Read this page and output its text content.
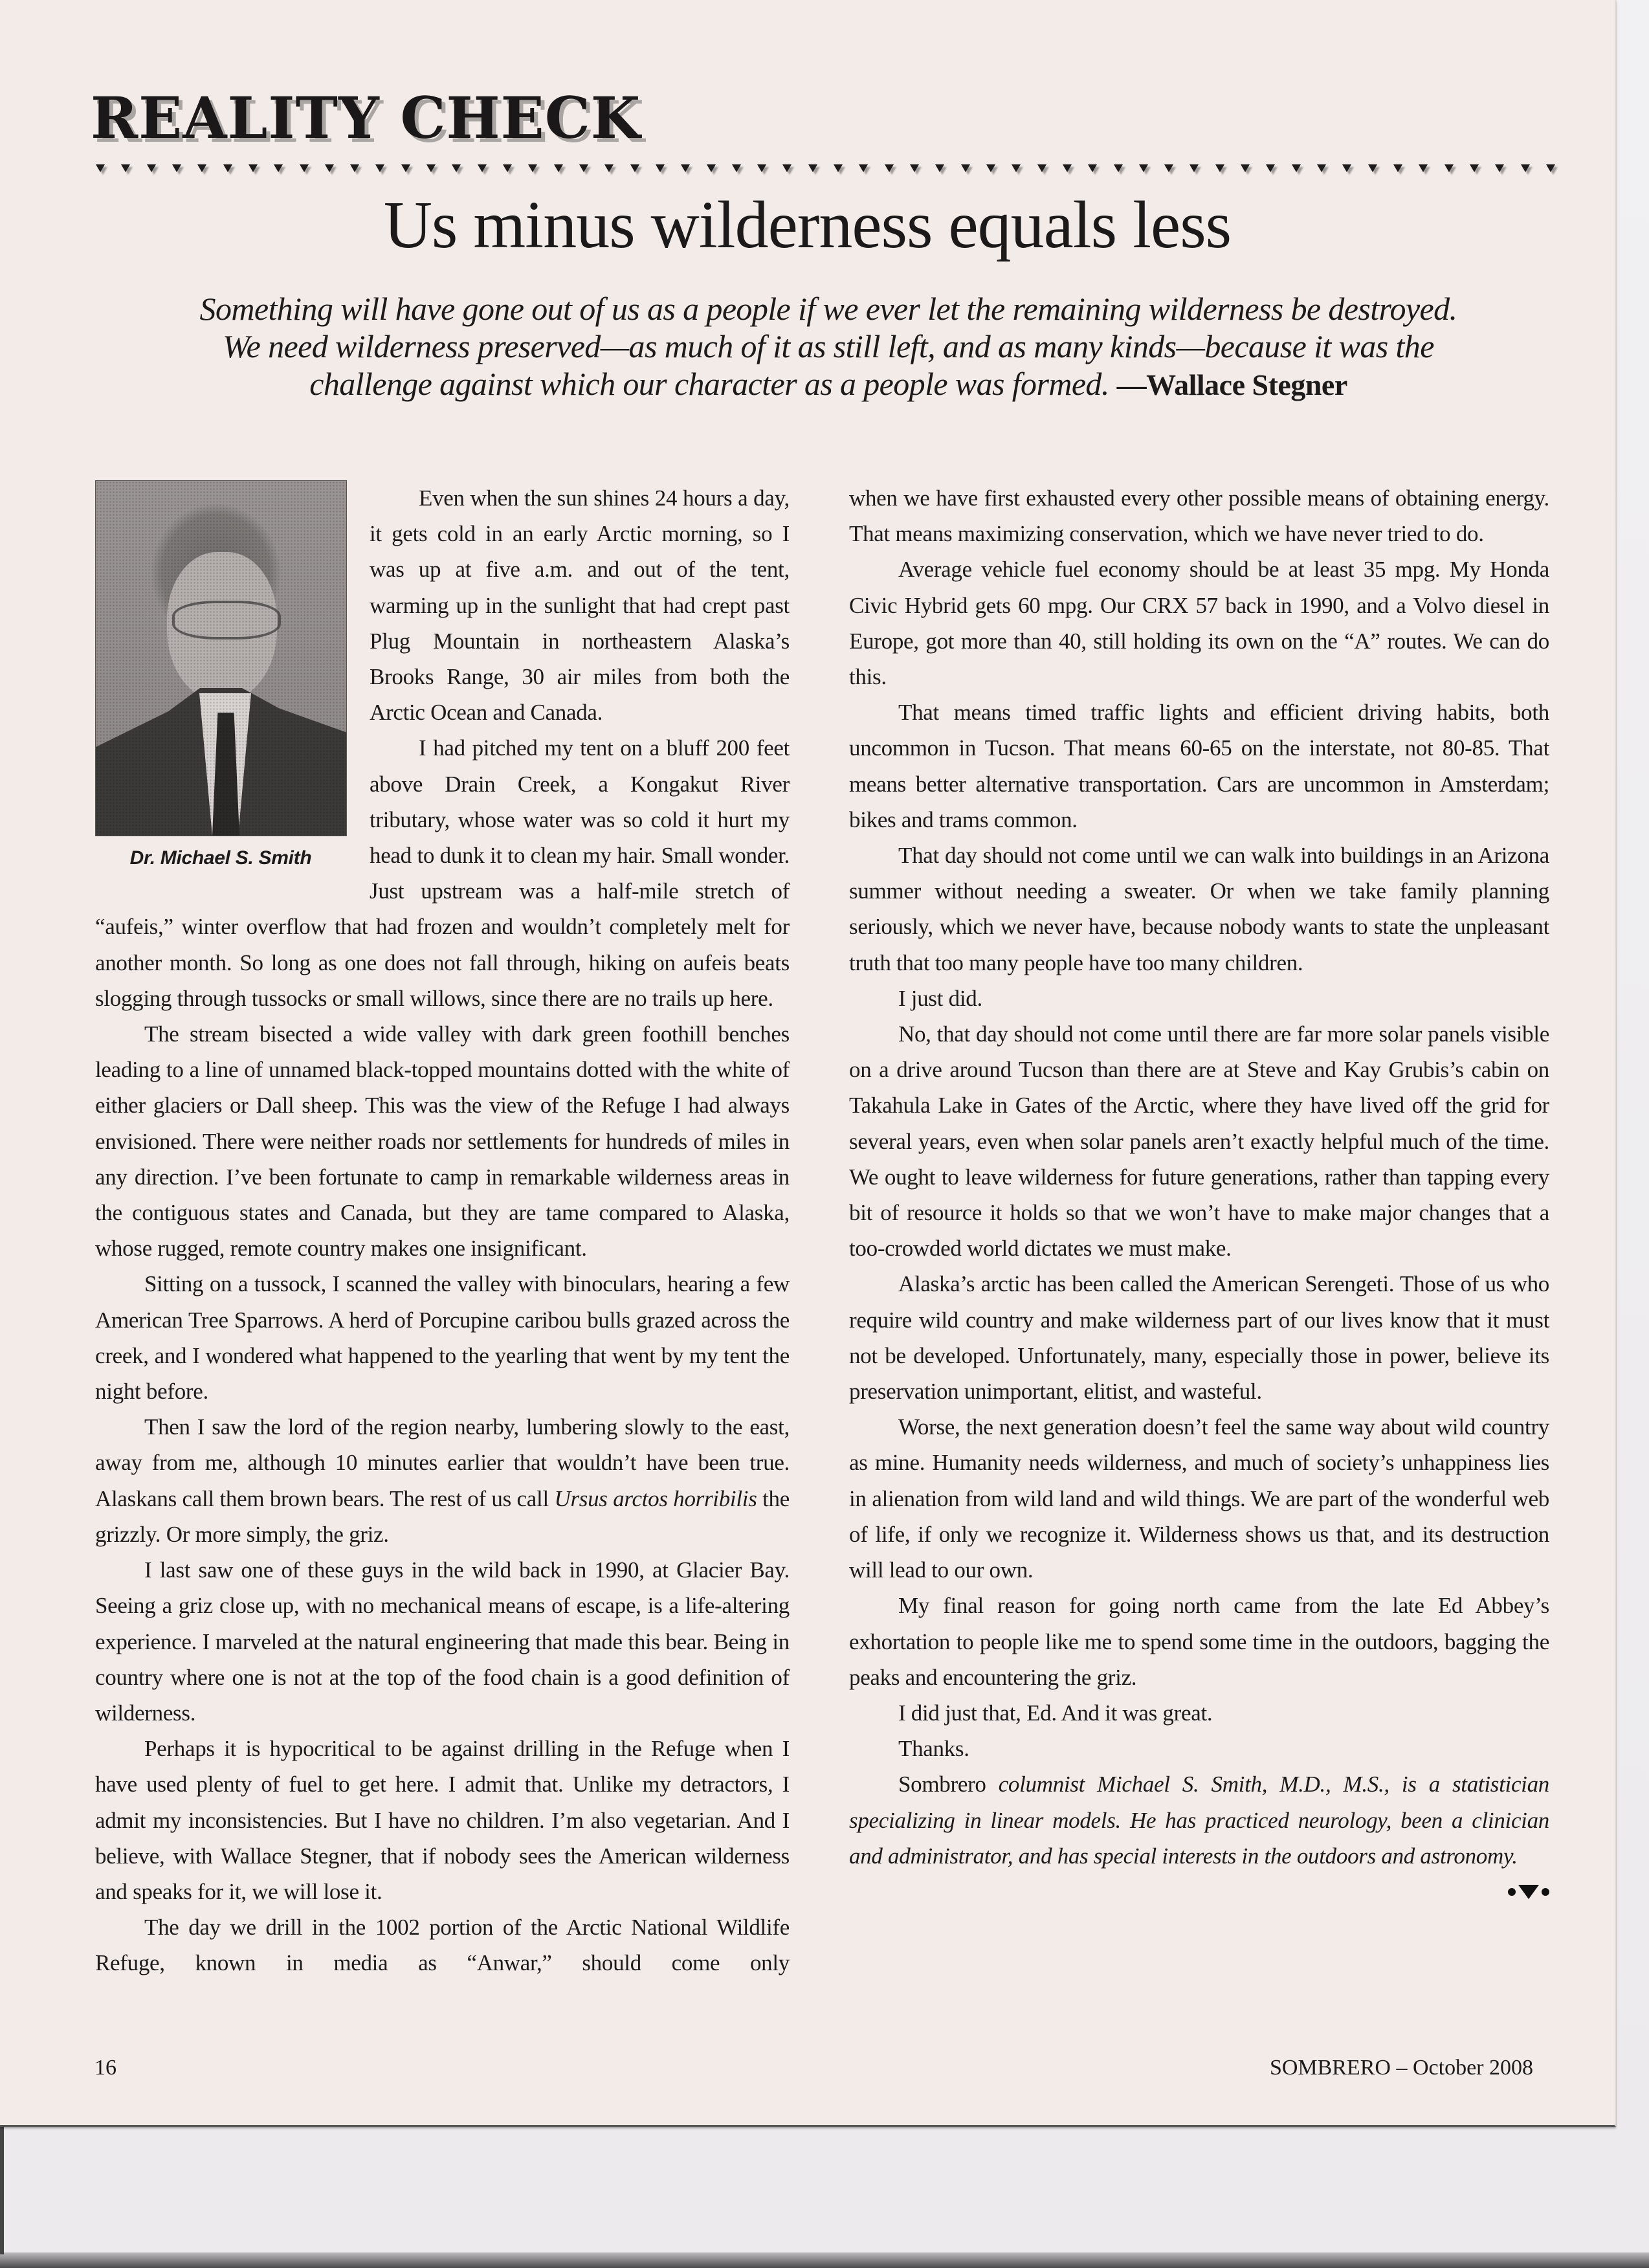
REALITY CHECK
Us minus wilderness equals less
Something will have gone out of us as a people if we ever let the remaining wilderness be destroyed.
We need wilderness preserved—as much of it as still left, and as many kinds—because it was the
challenge against which our character as a people was formed. —Wallace Stegner
Dr. Michael S. Smith

Even when the sun shines 24 hours a day, it gets cold in an early Arctic morning, so I was up at five a.m. and out of the tent, warming up in the sunlight that had crept past Plug Mountain in northeastern Alaska’s Brooks Range, 30 air miles from both the Arctic Ocean and Canada.

I had pitched my tent on a bluff 200 feet above Drain Creek, a Kongakut River tributary, whose water was so cold it hurt my head to dunk it to clean my hair. Small wonder. Just upstream was a half-mile stretch of “aufeis,” winter overflow that had frozen and wouldn’t completely melt for another month. So long as one does not fall through, hiking on aufeis beats slogging through tussocks or small willows, since there are no trails up here.

The stream bisected a wide valley with dark green foothill benches leading to a line of unnamed black-topped mountains dotted with the white of either glaciers or Dall sheep. This was the view of the Refuge I had always envisioned. There were neither roads nor settlements for hundreds of miles in any direction. I’ve been fortunate to camp in remarkable wilderness areas in the contiguous states and Canada, but they are tame compared to Alaska, whose rugged, remote country makes one insignificant.

Sitting on a tussock, I scanned the valley with binoculars, hearing a few American Tree Sparrows. A herd of Porcupine caribou bulls grazed across the creek, and I wondered what happened to the yearling that went by my tent the night before.

Then I saw the lord of the region nearby, lumbering slowly to the east, away from me, although 10 minutes earlier that wouldn’t have been true. Alaskans call them brown bears. The rest of us call Ursus arctos horribilis the grizzly. Or more simply, the griz.

I last saw one of these guys in the wild back in 1990, at Glacier Bay. Seeing a griz close up, with no mechanical means of escape, is a life-altering experience. I marveled at the natural engineering that made this bear. Being in country where one is not at the top of the food chain is a good definition of wilderness.

Perhaps it is hypocritical to be against drilling in the Refuge when I have used plenty of fuel to get here. I admit that. Unlike my detractors, I admit my inconsistencies. But I have no children. I’m also vegetarian. And I believe, with Wallace Stegner, that if nobody sees the American wilderness and speaks for it, we will lose it.

The day we drill in the 1002 portion of the Arctic National Wildlife Refuge, known in media as “Anwar,” should come only

when we have first exhausted every other possible means of obtaining energy. That means maximizing conservation, which we have never tried to do.

Average vehicle fuel economy should be at least 35 mpg. My Honda Civic Hybrid gets 60 mpg. Our CRX 57 back in 1990, and a Volvo diesel in Europe, got more than 40, still holding its own on the “A” routes. We can do this.

That means timed traffic lights and efficient driving habits, both uncommon in Tucson. That means 60-65 on the interstate, not 80-85. That means better alternative transportation. Cars are uncommon in Amsterdam; bikes and trams common.

That day should not come until we can walk into buildings in an Arizona summer without needing a sweater. Or when we take family planning seriously, which we never have, because nobody wants to state the unpleasant truth that too many people have too many children.

I just did.

No, that day should not come until there are far more solar panels visible on a drive around Tucson than there are at Steve and Kay Grubis’s cabin on Takahula Lake in Gates of the Arctic, where they have lived off the grid for several years, even when solar panels aren’t exactly helpful much of the time. We ought to leave wilderness for future generations, rather than tapping every bit of resource it holds so that we won’t have to make major changes that a too-crowded world dictates we must make.

Alaska’s arctic has been called the American Serengeti. Those of us who require wild country and make wilderness part of our lives know that it must not be developed. Unfortunately, many, especially those in power, believe its preservation unimportant, elitist, and wasteful.

Worse, the next generation doesn’t feel the same way about wild country as mine. Humanity needs wilderness, and much of society’s unhappiness lies in alienation from wild land and wild things. We are part of the wonderful web of life, if only we recognize it. Wilderness shows us that, and its destruction will lead to our own.

My final reason for going north came from the late Ed Abbey’s exhortation to people like me to spend some time in the outdoors, bagging the peaks and encountering the griz.

I did just that, Ed. And it was great.

Thanks.

Sombrero columnist Michael S. Smith, M.D., M.S., is a statistician specializing in linear models. He has practiced neurology, been a clinician and administrator, and has special interests in the outdoors and astronomy.

16	SOMBRERO – October 2008
